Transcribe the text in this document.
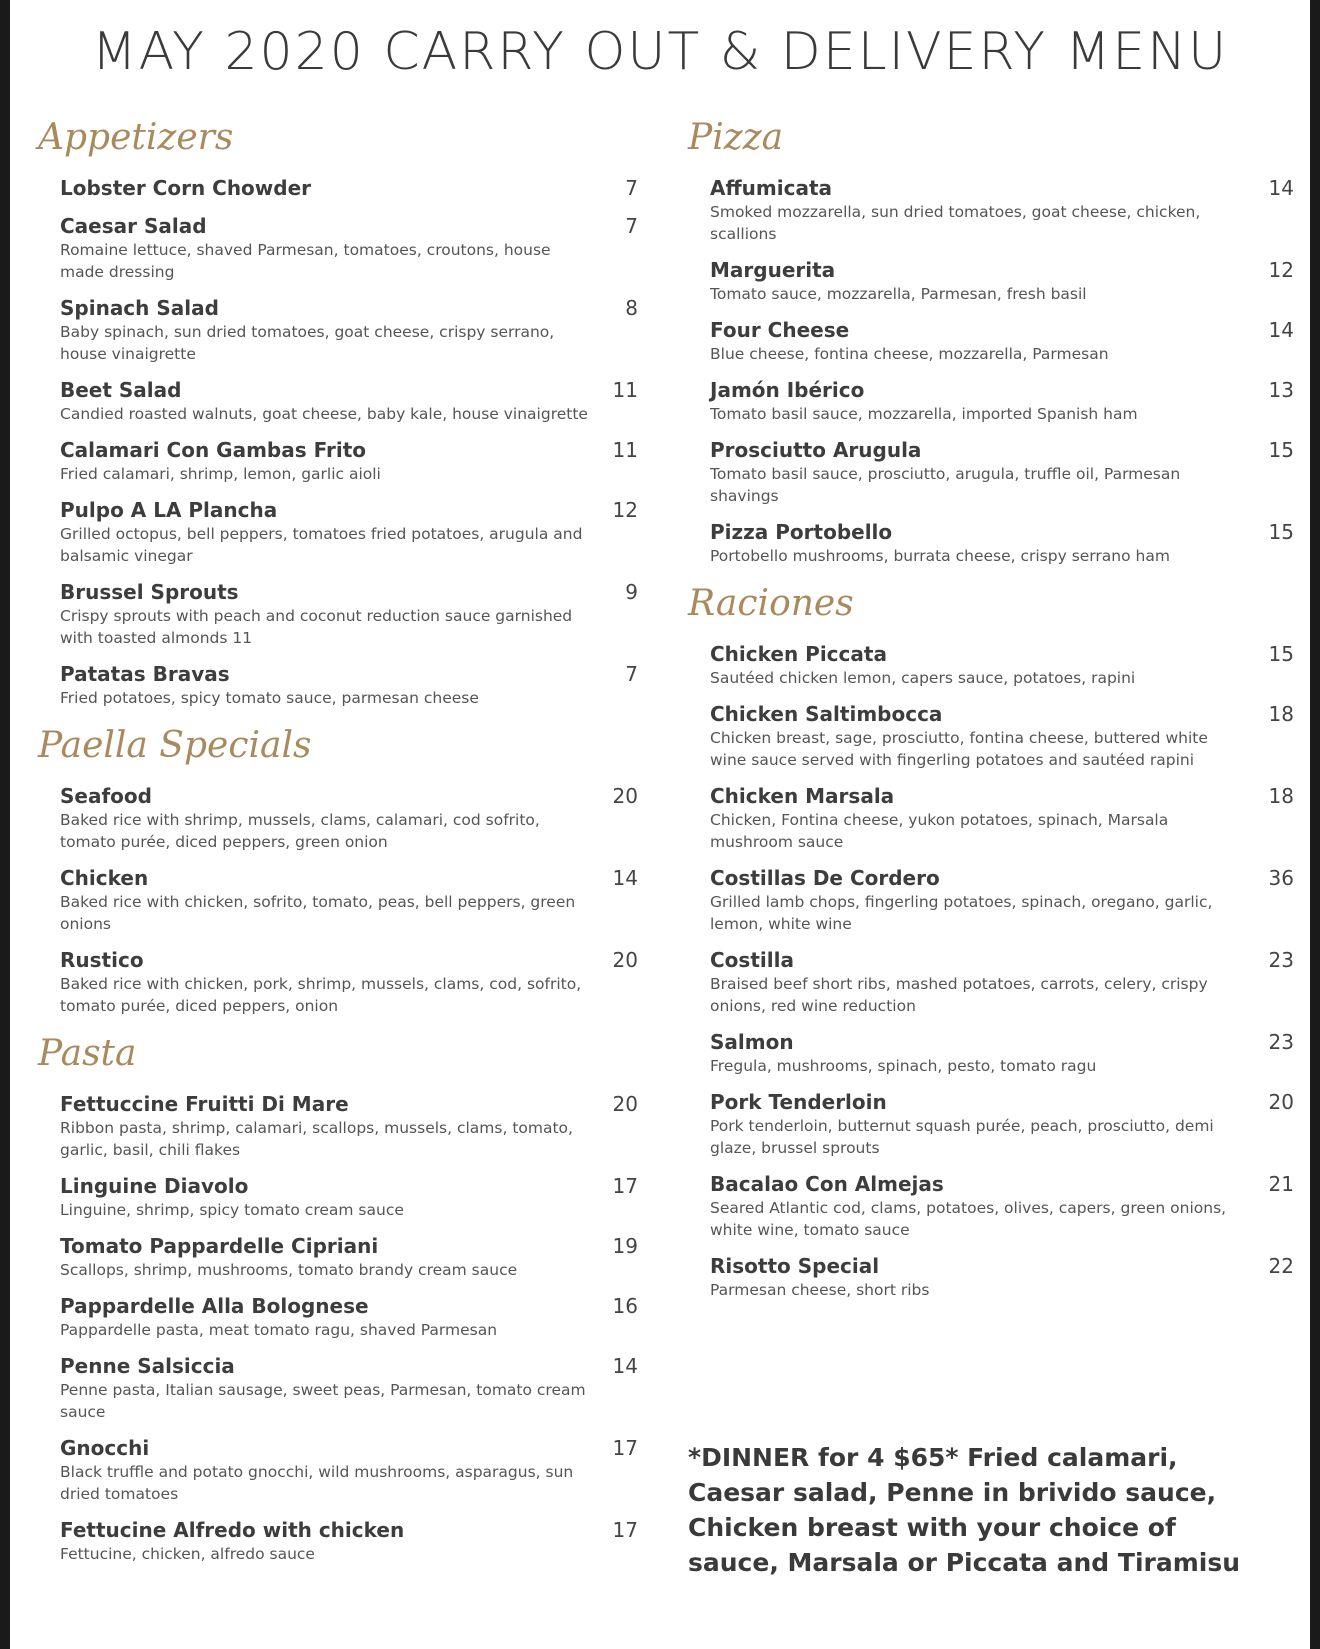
MAY 2020 CARRY OUT & DELIVERY MENU
Appetizers
Lobster Corn Chowder	7
Caesar Salad
Romaine lettuce, shaved Parmesan, tomatoes, croutons, house made dressing
7
Spinach Salad
Baby spinach, sun dried tomatoes, goat cheese, crispy serrano, house vinaigrette
8
Beet Salad
Candied roasted walnuts, goat cheese, baby kale, house vinaigrette
11
Calamari Con Gambas Frito
Fried calamari, shrimp, lemon, garlic aioli
11
Pulpo A LA Plancha
Grilled octopus, bell peppers, tomatoes fried potatoes, arugula and balsamic vinegar
12
Brussel Sprouts
Crispy sprouts with peach and coconut reduction sauce garnished with toasted almonds 11
9
Patatas Bravas
Fried potatoes, spicy tomato sauce, parmesan cheese
7
Paella Specials
Seafood
Baked rice with shrimp, mussels, clams, calamari, cod sofrito, tomato purée, diced peppers, green onion
20
Chicken
Baked rice with chicken, sofrito, tomato, peas, bell peppers, green onions
14
Rustico
Baked rice with chicken, pork, shrimp, mussels, clams, cod, sofrito, tomato purée, diced peppers, onion
20
Pasta
Fettuccine Fruitti Di Mare
Ribbon pasta, shrimp, calamari, scallops, mussels, clams, tomato, garlic, basil, chili flakes
20
Linguine Diavolo
Linguine, shrimp, spicy tomato cream sauce
17
Tomato Pappardelle Cipriani
Scallops, shrimp, mushrooms, tomato brandy cream sauce
19
Pappardelle Alla Bolognese
Pappardelle pasta, meat tomato ragu, shaved Parmesan
16
Penne Salsiccia
Penne pasta, Italian sausage, sweet peas, Parmesan, tomato cream sauce
14
Gnocchi
Black truffle and potato gnocchi, wild mushrooms, asparagus, sun dried tomatoes
17
Fettucine Alfredo with chicken
Fettucine, chicken, alfredo sauce
17
Pizza
Affumicata
Smoked mozzarella, sun dried tomatoes, goat cheese, chicken, scallions
14
Marguerita
Tomato sauce, mozzarella, Parmesan, fresh basil
12
Four Cheese
Blue cheese, fontina cheese, mozzarella, Parmesan
14
Jamón Ibérico
Tomato basil sauce, mozzarella, imported Spanish ham
13
Prosciutto Arugula
Tomato basil sauce, prosciutto, arugula, truffle oil, Parmesan shavings
15
Pizza Portobello
Portobello mushrooms, burrata cheese, crispy serrano ham
15
Raciones
Chicken Piccata
Sautéed chicken lemon, capers sauce, potatoes, rapini
15
Chicken Saltimbocca
Chicken breast, sage, prosciutto, fontina cheese, buttered white wine sauce served with fingerling potatoes and sautéed rapini
18
Chicken Marsala
Chicken, Fontina cheese, yukon potatoes, spinach, Marsala mushroom sauce
18
Costillas De Cordero
Grilled lamb chops, fingerling potatoes, spinach, oregano, garlic, lemon, white wine
36
Costilla
Braised beef short ribs, mashed potatoes, carrots, celery, crispy onions, red wine reduction
23
Salmon
Fregula, mushrooms, spinach, pesto, tomato ragu
23
Pork Tenderloin
Pork tenderloin, butternut squash purée, peach, prosciutto, demi glaze, brussel sprouts
20
Bacalao Con Almejas
Seared Atlantic cod, clams, potatoes, olives, capers, green onions, white wine, tomato sauce
21
Risotto Special
Parmesan cheese, short ribs
22
*DINNER for 4 $65* Fried calamari, Caesar salad, Penne in brivido sauce, Chicken breast with your choice of sauce, Marsala or Piccata and Tiramisu
